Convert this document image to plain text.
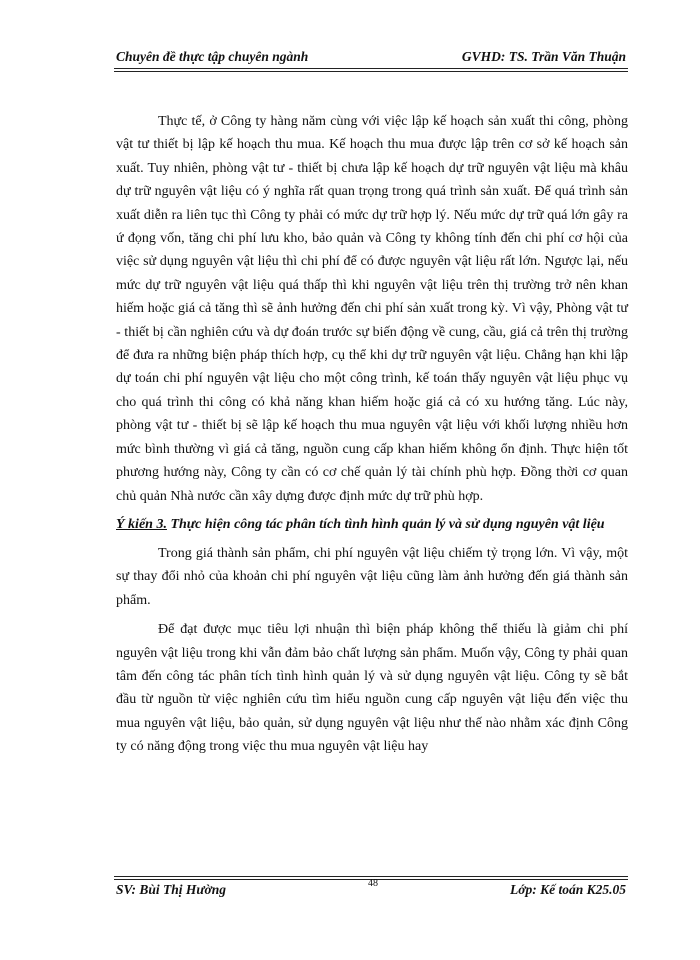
Chuyên đề thực tập chuyên ngành	GVHD: TS. Trần Văn Thuận

Thực tế, ở Công ty hàng năm cùng với việc lập kế hoạch sản xuất thi công, phòng vật tư thiết bị lập kế hoạch thu mua. Kế hoạch thu mua được lập trên cơ sở kế hoạch sản xuất. Tuy nhiên, phòng vật tư - thiết bị chưa lập kế hoạch dự trữ nguyên vật liệu mà khâu dự trữ nguyên vật liệu có ý nghĩa rất quan trọng trong quá trình sản xuất. Để quá trình sản xuất diễn ra liên tục thì Công ty phải có mức dự trữ hợp lý. Nếu mức dự trữ quá lớn gây ra ứ đọng vốn, tăng chi phí lưu kho, bảo quản và Công ty không tính đến chi phí cơ hội của việc sử dụng nguyên vật liệu thì chi phí để có được nguyên vật liệu rất lớn. Ngược lại, nếu mức dự trữ nguyên vật liệu quá thấp thì khi nguyên vật liệu trên thị trường trở nên khan hiếm hoặc giá cả tăng thì sẽ ảnh hưởng đến chi phí sản xuất trong kỳ. Vì vậy, Phòng vật tư - thiết bị cần nghiên cứu và dự đoán trước sự biến động về cung, cầu, giá cả trên thị trường để đưa ra những biện pháp thích hợp, cụ thể khi dự trữ nguyên vật liệu. Chẳng hạn khi lập dự toán chi phí nguyên vật liệu cho một công trình, kế toán thấy nguyên vật liệu phục vụ cho quá trình thi công có khả năng khan hiếm hoặc giá cả có xu hướng tăng. Lúc này, phòng vật tư - thiết bị sẽ lập kế hoạch thu mua nguyên vật liệu với khối lượng nhiều hơn mức bình thường vì giá cả tăng, nguồn cung cấp khan hiếm không ổn định. Thực hiện tốt phương hướng này, Công ty cần có cơ chế quản lý tài chính phù hợp. Đồng thời cơ quan chủ quản Nhà nước cần xây dựng được định mức dự trữ phù hợp.

Ý kiến 3. Thực hiện công tác phân tích tình hình quản lý và sử dụng nguyên vật liệu

Trong giá thành sản phẩm, chi phí nguyên vật liệu chiếm tỷ trọng lớn. Vì vậy, một sự thay đổi nhỏ của khoản chi phí nguyên vật liệu cũng làm ảnh hưởng đến giá thành sản phẩm.

Để đạt được mục tiêu lợi nhuận thì biện pháp không thể thiếu là giảm chi phí nguyên vật liệu trong khi vẫn đảm bảo chất lượng sản phẩm. Muốn vậy, Công ty phải quan tâm đến công tác phân tích tình hình quản lý và sử dụng nguyên vật liệu. Công ty sẽ bắt đầu từ nguồn từ việc nghiên cứu tìm hiểu nguồn cung cấp nguyên vật liệu đến việc thu mua nguyên vật liệu, bảo quản, sử dụng nguyên vật liệu như thế nào nhằm xác định Công ty có năng động trong việc thu mua nguyên vật liệu hay

SV: Bùi Thị Hường	48	Lớp: Kế toán K25.05
